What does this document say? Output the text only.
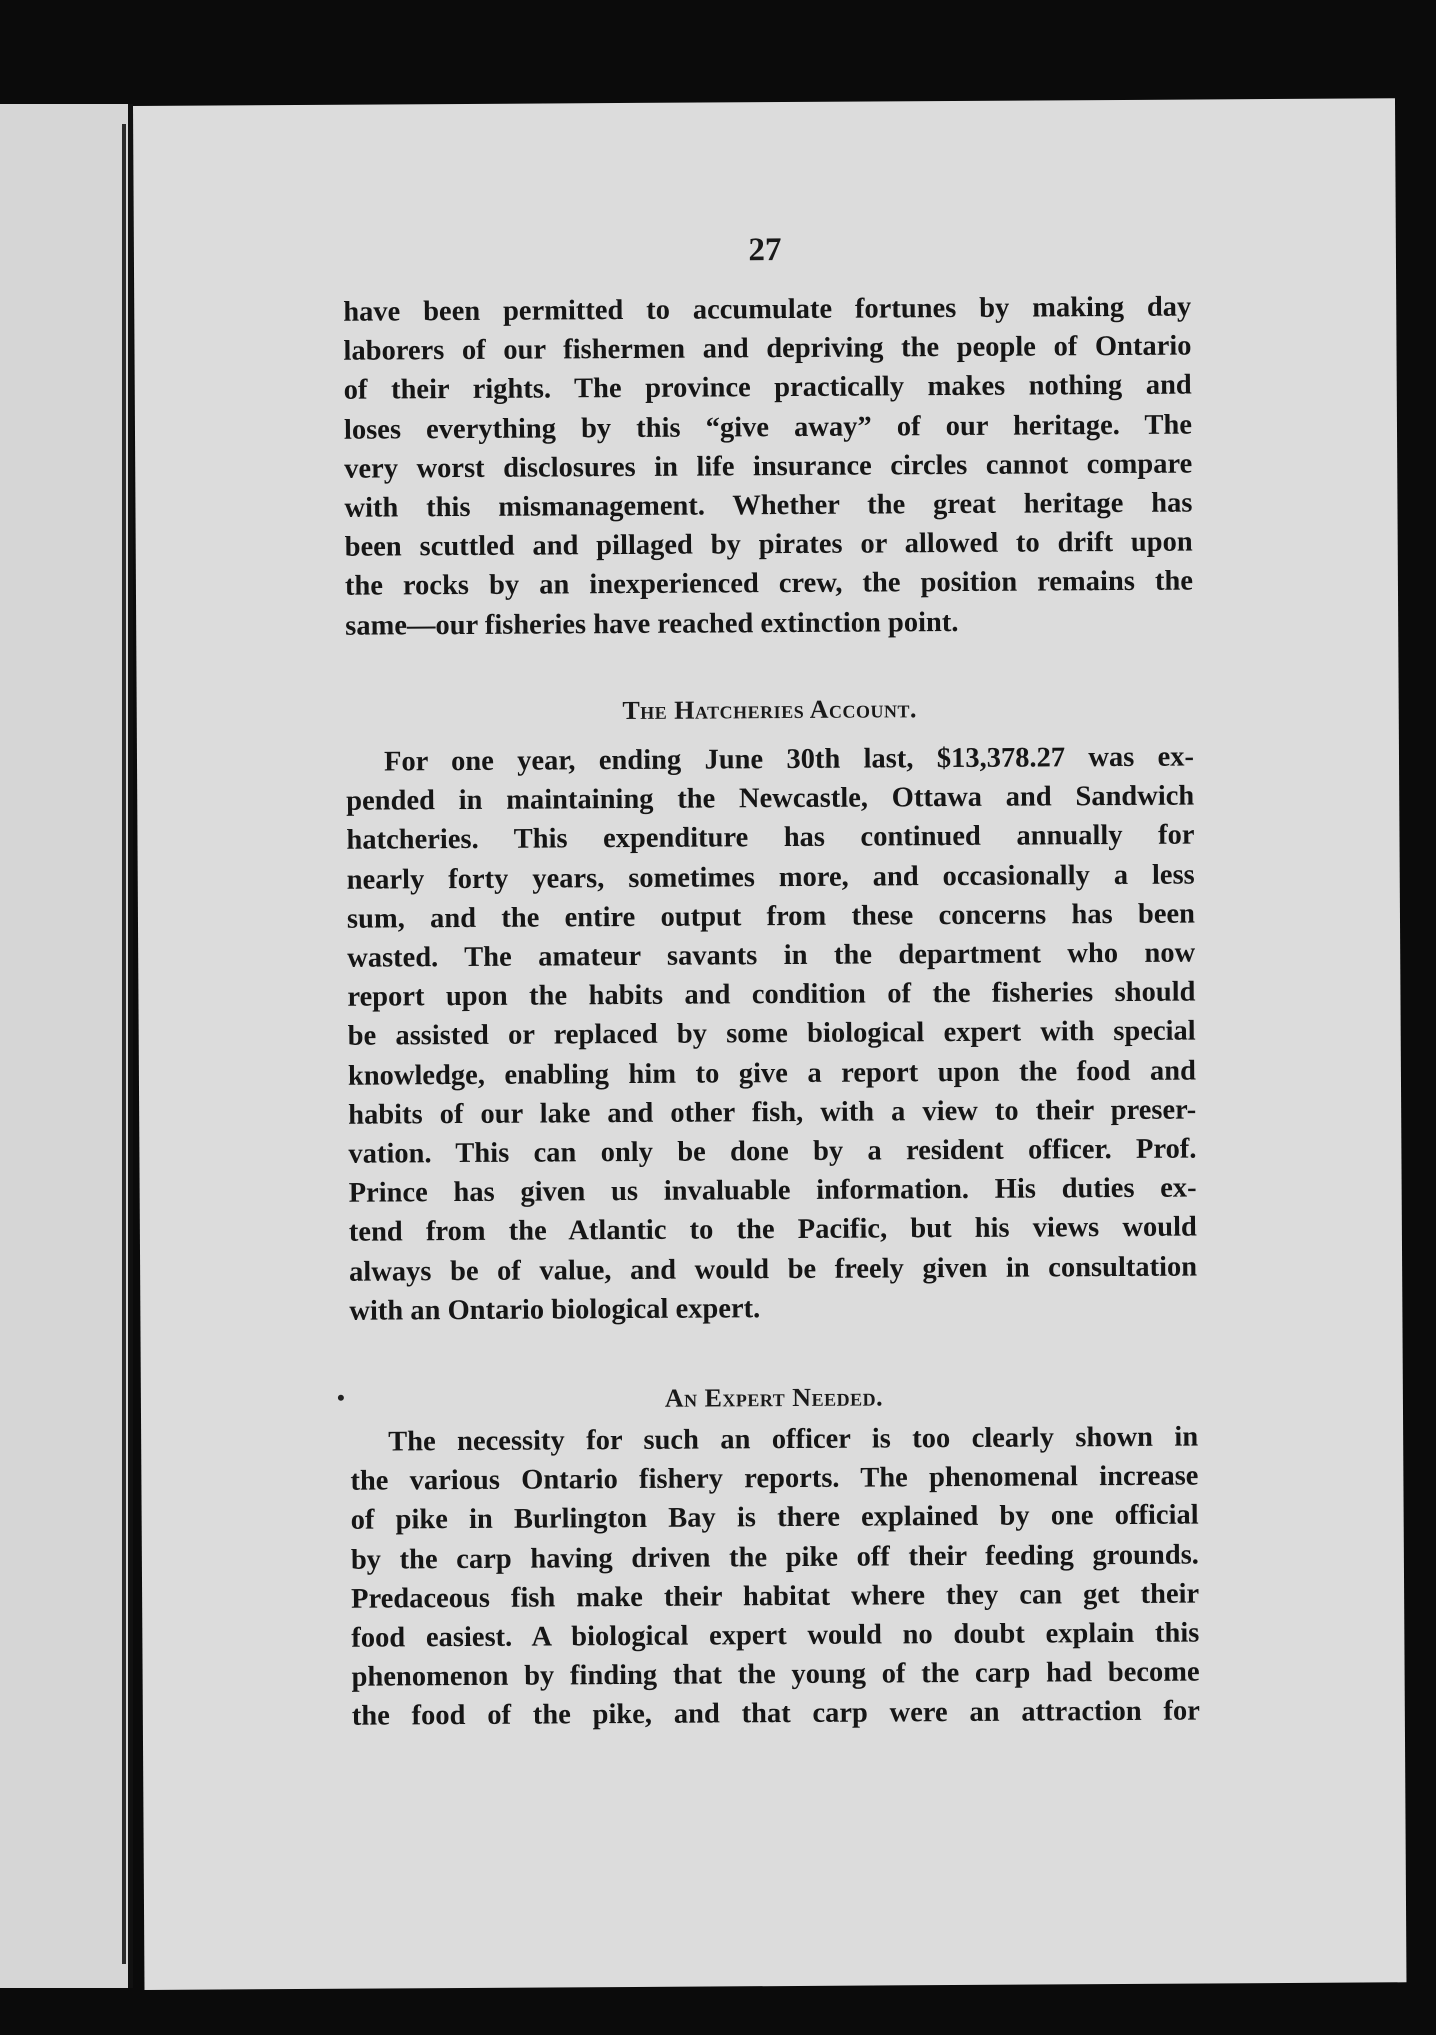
27
have been permitted to accumulate fortunes by making day
laborers of our fishermen and depriving the people of Ontario
of their rights. The province practically makes nothing and
loses everything by this “give away” of our heritage. The
very worst disclosures in life insurance circles cannot compare
with this mismanagement. Whether the great heritage has
been scuttled and pillaged by pirates or allowed to drift upon
the rocks by an inexperienced crew, the position remains the
same—our fisheries have reached extinction point.

The Hatcheries Account.

For one year, ending June 30th last, $13,378.27 was ex-
pended in maintaining the Newcastle, Ottawa and Sandwich
hatcheries. This expenditure has continued annually for
nearly forty years, sometimes more, and occasionally a less
sum, and the entire output from these concerns has been
wasted. The amateur savants in the department who now
report upon the habits and condition of the fisheries should
be assisted or replaced by some biological expert with special
knowledge, enabling him to give a report upon the food and
habits of our lake and other fish, with a view to their preser-
vation. This can only be done by a resident officer. Prof.
Prince has given us invaluable information. His duties ex-
tend from the Atlantic to the Pacific, but his views would
always be of value, and would be freely given in consultation
with an Ontario biological expert.

An Expert Needed.

The necessity for such an officer is too clearly shown in
the various Ontario fishery reports. The phenomenal increase
of pike in Burlington Bay is there explained by one official
by the carp having driven the pike off their feeding grounds.
Predaceous fish make their habitat where they can get their
food easiest. A biological expert would no doubt explain this
phenomenon by finding that the young of the carp had become
the food of the pike, and that carp were an attraction for
